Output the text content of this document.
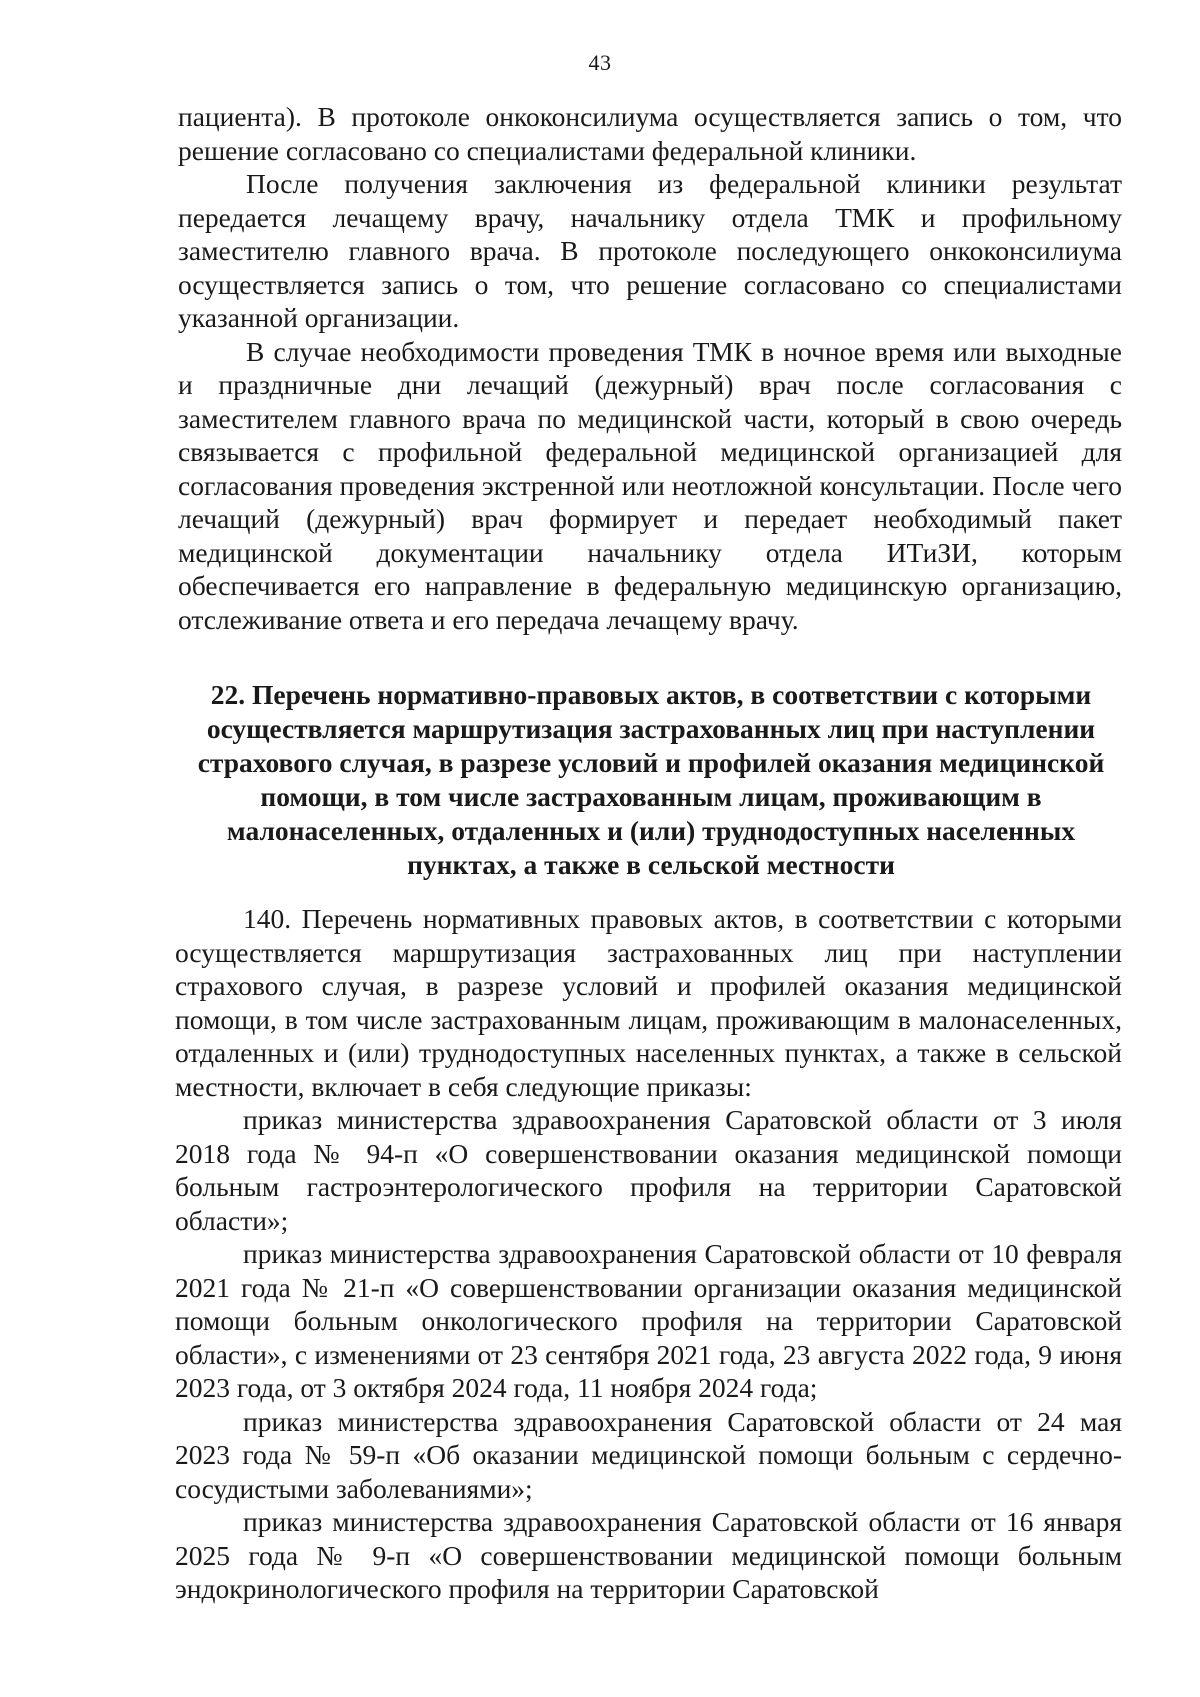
43

пациента). В протоколе онкоконсилиума осуществляется запись о том, что решение согласовано со специалистами федеральной клиники.

После получения заключения из федеральной клиники результат передается лечащему врачу, начальнику отдела ТМК и профильному заместителю главного врача. В протоколе последующего онкоконсилиума осуществляется запись о том, что решение согласовано со специалистами указанной организации.

В случае необходимости проведения ТМК в ночное время или выходные и праздничные дни лечащий (дежурный) врач после согласования с заместителем главного врача по медицинской части, который в свою очередь связывается с профильной федеральной медицинской организацией для согласования проведения экстренной или неотложной консультации. После чего лечащий (дежурный) врач формирует и передает необходимый пакет медицинской документации начальнику отдела ИТиЗИ, которым обеспечивается его направление в федеральную медицинскую организацию, отслеживание ответа и его передача лечащему врачу.

22. Перечень нормативно-правовых актов, в соответствии с которыми
осуществляется маршрутизация застрахованных лиц при наступлении
страхового случая, в разрезе условий и профилей оказания медицинской
помощи, в том числе застрахованным лицам, проживающим в
малонаселенных, отдаленных и (или) труднодоступных населенных
пунктах, а также в сельской местности

140. Перечень нормативных правовых актов, в соответствии с которыми осуществляется маршрутизация застрахованных лиц при наступлении страхового случая, в разрезе условий и профилей оказания медицинской помощи, в том числе застрахованным лицам, проживающим в малонаселенных, отдаленных и (или) труднодоступных населенных пунктах, а также в сельской местности, включает в себя следующие приказы:

приказ министерства здравоохранения Саратовской области от 3 июля 2018 года № 94-п «О совершенствовании оказания медицинской помощи больным гастроэнтерологического профиля на территории Саратовской области»;

приказ министерства здравоохранения Саратовской области от 10 февраля 2021 года № 21-п «О совершенствовании организации оказания медицинской помощи больным онкологического профиля на территории Саратовской области», с изменениями от 23 сентября 2021 года, 23 августа 2022 года, 9 июня 2023 года, от 3 октября 2024 года, 11 ноября 2024 года;

приказ министерства здравоохранения Саратовской области от 24 мая 2023 года № 59-п «Об оказании медицинской помощи больным с сердечно-сосудистыми заболеваниями»;

приказ министерства здравоохранения Саратовской области от 16 января 2025 года № 9-п «О совершенствовании медицинской помощи больным эндокринологического профиля на территории Саратовской
